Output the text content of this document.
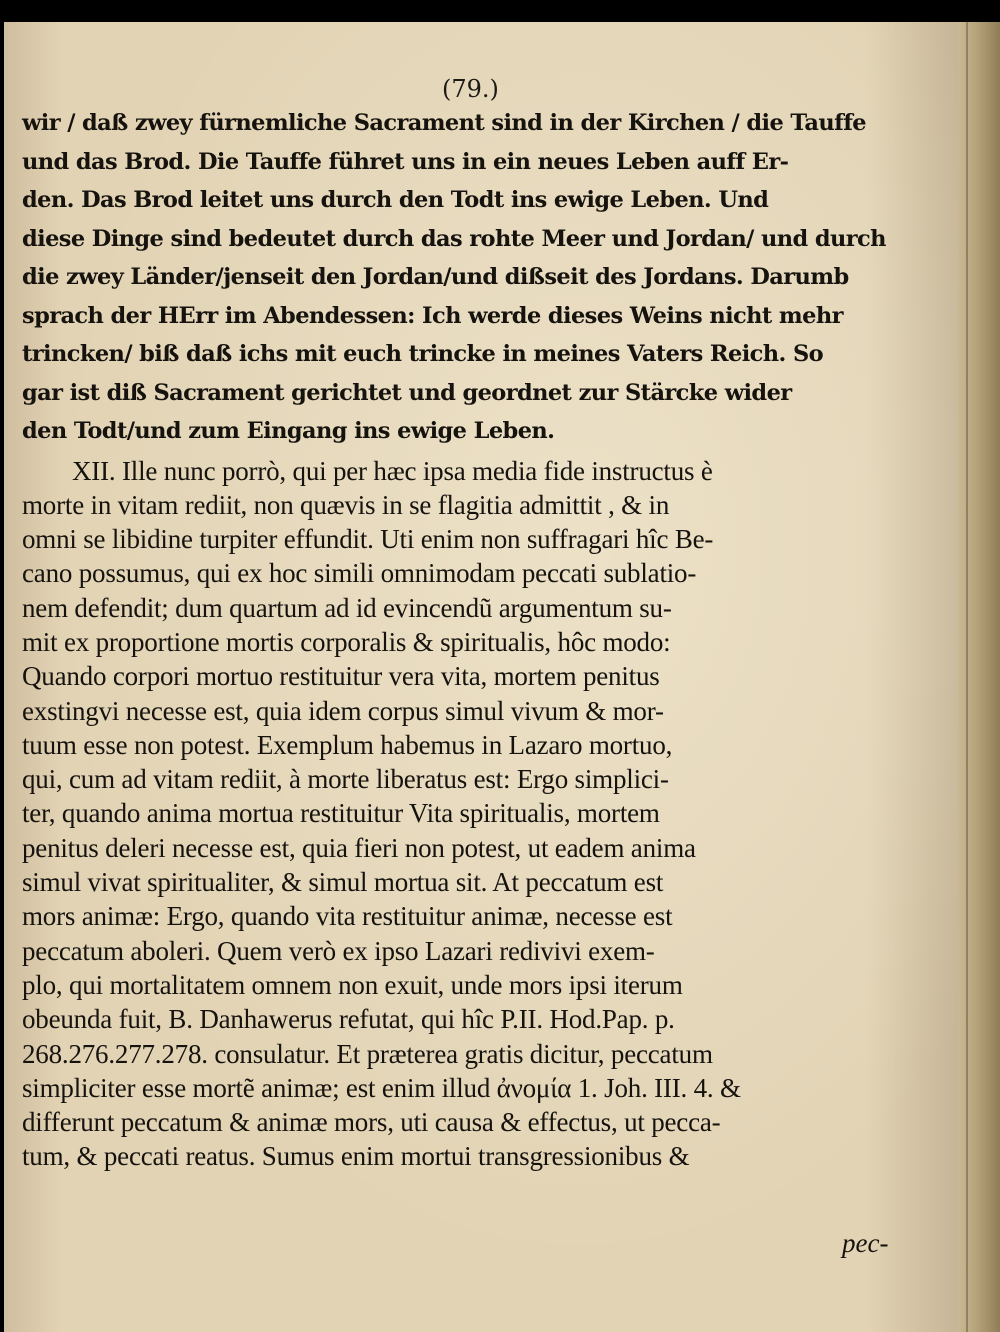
(79.)
wir / daß zwey fürnemliche Sacrament sind in der Kirchen / die Tauffe
und das Brod. Die Tauffe führet uns in ein neues Leben auff Er-
den. Das Brod leitet uns durch den Todt ins ewige Leben. Und
diese Dinge sind bedeutet durch das rohte Meer und Jordan/ und durch
die zwey Länder/jenseit den Jordan/und dißseit des Jordans. Darumb
sprach der HErr im Abendessen: Ich werde dieses Weins nicht mehr
trincken/ biß daß ichs mit euch trincke in meines Vaters Reich. So
gar ist diß Sacrament gerichtet und geordnet zur Stärcke wider
den Todt/und zum Eingang ins ewige Leben.
XII. Ille nunc porrò, qui per hæc ipsa media fide instructus è
morte in vitam rediit, non quævis in se flagitia admittit , & in
omni se libidine turpiter effundit. Uti enim non suffragari hîc Be-
cano possumus, qui ex hoc simili omnimodam peccati sublatio-
nem defendit; dum quartum ad id evincendũ argumentum su-
mit ex proportione mortis corporalis & spiritualis, hôc modo:
Quando corpori mortuo restituitur vera vita, mortem penitus
exstingvi necesse est, quia idem corpus simul vivum & mor-
tuum esse non potest. Exemplum habemus in Lazaro mortuo,
qui, cum ad vitam rediit, à morte liberatus est: Ergo simplici-
ter, quando anima mortua restituitur Vita spiritualis, mortem
penitus deleri necesse est, quia fieri non potest, ut eadem anima
simul vivat spiritualiter, & simul mortua sit. At peccatum est
mors animæ: Ergo, quando vita restituitur animæ, necesse est
peccatum aboleri. Quem verò ex ipso Lazari redivivi exem-
plo, qui mortalitatem omnem non exuit, unde mors ipsi iterum
obeunda fuit, B. Danhawerus refutat, qui hîc P.II. Hod.Pap. p.
268.276.277.278. consulatur. Et præterea gratis dicitur, peccatum
simpliciter esse mortẽ animæ; est enim illud ἀνομία 1. Joh. III. 4. &
differunt peccatum & animæ mors, uti causa & effectus, ut pecca-
tum, & peccati reatus. Sumus enim mortui transgressionibus &
pec-
